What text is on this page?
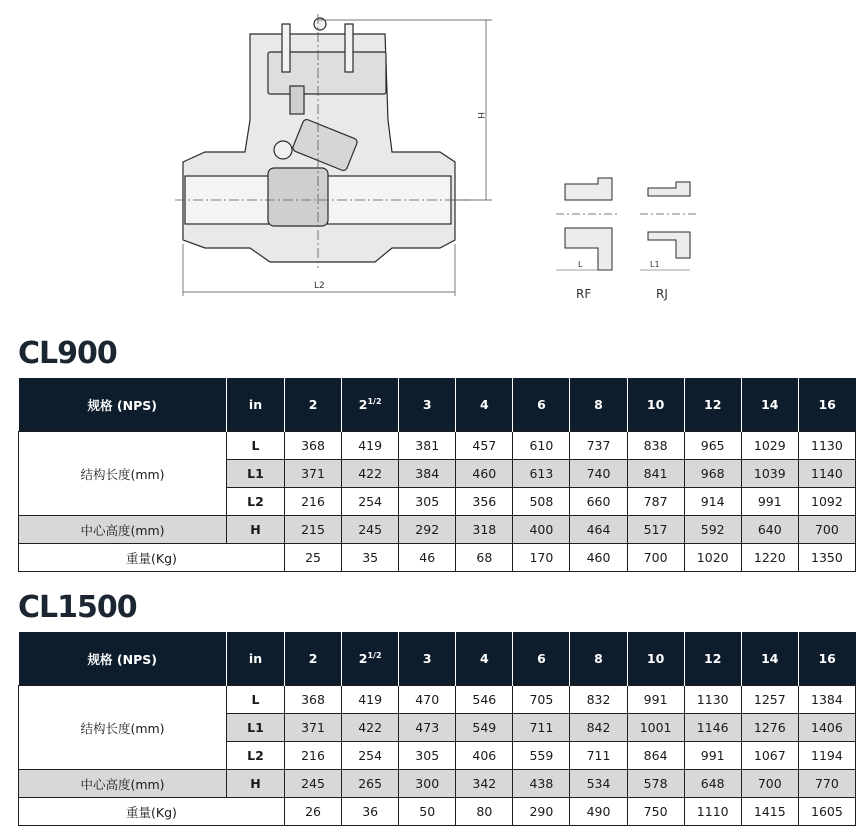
H
L2
L
RF
L1
RJ
CL900
规格 (NPS)	in	2	$2^{1/2}$	3	4	6	8	10	12	14	16
结构长度(mm)	L	368	419	381	457	610	737	838	965	1029	1130
	L1	371	422	384	460	613	740	841	968	1039	1140
	L2	216	254	305	356	508	660	787	914	991	1092
中心高度(mm)	H	215	245	292	318	400	464	517	592	640	700
重量(Kg)		25	35	46	68	170	460	700	1020	1220	1350
CL1500
规格 (NPS)	in	2	$2^{1/2}$	3	4	6	8	10	12	14	16
结构长度(mm)	L	368	419	470	546	705	832	991	1130	1257	1384
	L1	371	422	473	549	711	842	1001	1146	1276	1406
	L2	216	254	305	406	559	711	864	991	1067	1194
中心高度(mm)	H	245	265	300	342	438	534	578	648	700	770
重量(Kg)		26	36	50	80	290	490	750	1110	1415	1605
